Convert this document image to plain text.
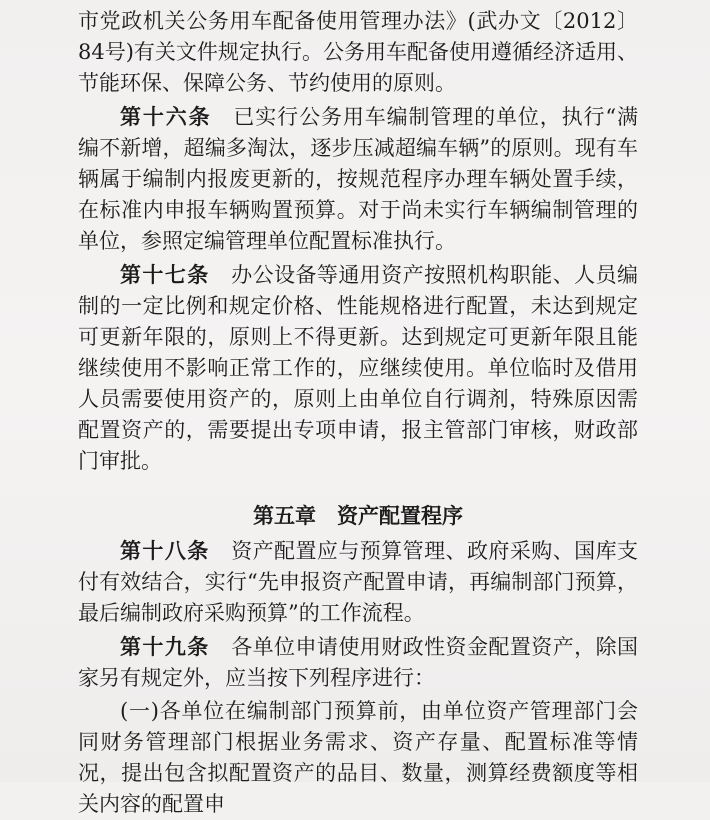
市党政机关公务用车配备使用管理办法》(武办文〔2012〕84号)有关文件规定执行。公务用车配备使用遵循经济适用、节能环保、保障公务、节约使用的原则。

第十六条　 已实行公务用车编制管理的单位，执行“满编不新增，超编多淘汰，逐步压减超编车辆”的原则。现有车辆属于编制内报废更新的，按规范程序办理车辆处置手续，在标准内申报车辆购置预算。对于尚未实行车辆编制管理的单位，参照定编管理单位配置标准执行。

第十七条　 办公设备等通用资产按照机构职能、人员编制的一定比例和规定价格、性能规格进行配置，未达到规定可更新年限的，原则上不得更新。达到规定可更新年限且能继续使用不影响正常工作的，应继续使用。单位临时及借用人员需要使用资产的，原则上由单位自行调剂，特殊原因需配置资产的，需要提出专项申请，报主管部门审核，财政部门审批。

第五章　资产配置程序

第十八条　 资产配置应与预算管理、政府采购、国库支付有效结合，实行“先申报资产配置申请，再编制部门预算，最后编制政府采购预算”的工作流程。

第十九条　 各单位申请使用财政性资金配置资产，除国家另有规定外，应当按下列程序进行：

(一)各单位在编制部门预算前，由单位资产管理部门会同财务管理部门根据业务需求、资产存量、配置标准等情况，提出包含拟配置资产的品目、数量，测算经费额度等相关内容的配置申
